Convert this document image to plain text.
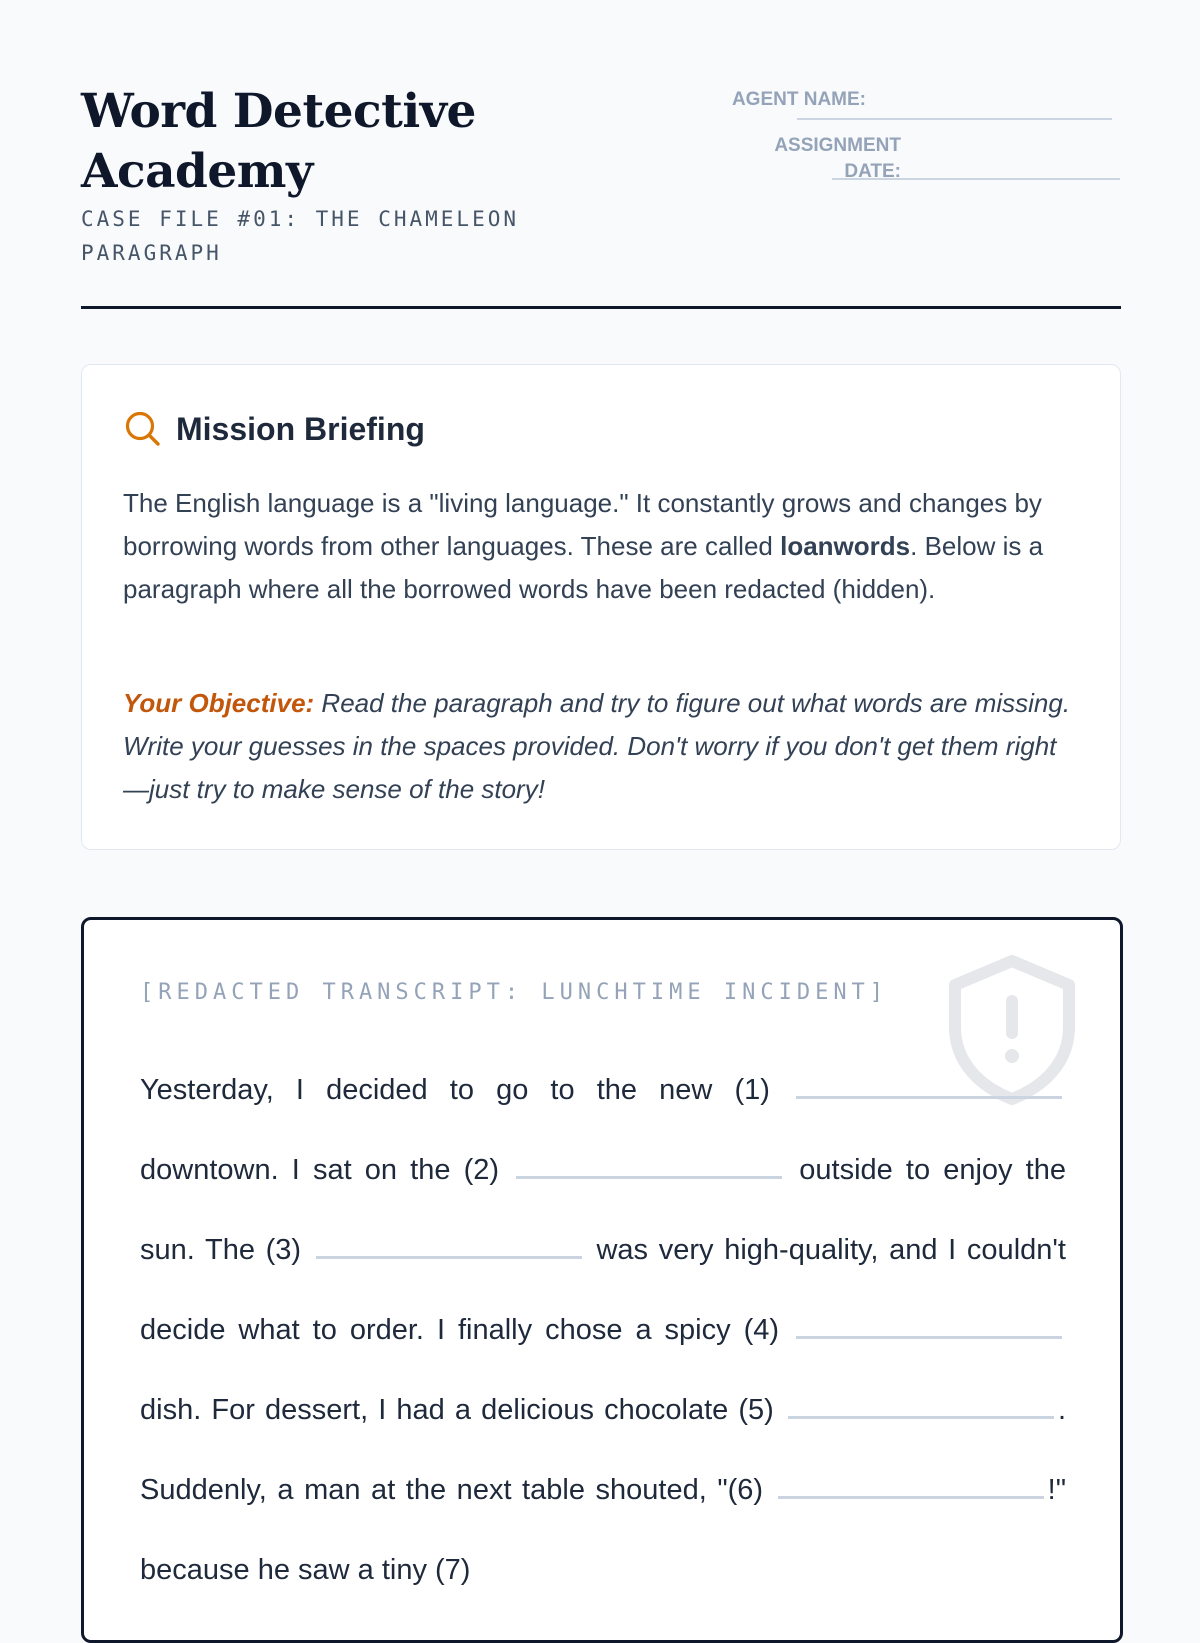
Word Detective Academy
CASE FILE #01: THE CHAMELEON PARAGRAPH
AGENT NAME:
ASSIGNMENT
DATE:
Mission Briefing

The English language is a "living language." It constantly grows and changes by borrowing words from other languages. These are called loanwords. Below is a paragraph where all the borrowed words have been redacted (hidden).

Your Objective: Read the paragraph and try to figure out what words are missing. Write your guesses in the spaces provided. Don't worry if you don't get them right—just try to make sense of the story!

[REDACTED TRANSCRIPT: LUNCHTIME INCIDENT]

Yesterday, I decided to go to the new (1)  downtown. I sat on the (2)	outside to enjoy the sun. The (3)	was very high-quality, and I couldn't decide what to order. I finally chose a spicy (4)  dish. For dessert, I had a delicious chocolate (5)	. Suddenly, a man at the next table shouted, "(6)	!" because he saw a tiny (7)
